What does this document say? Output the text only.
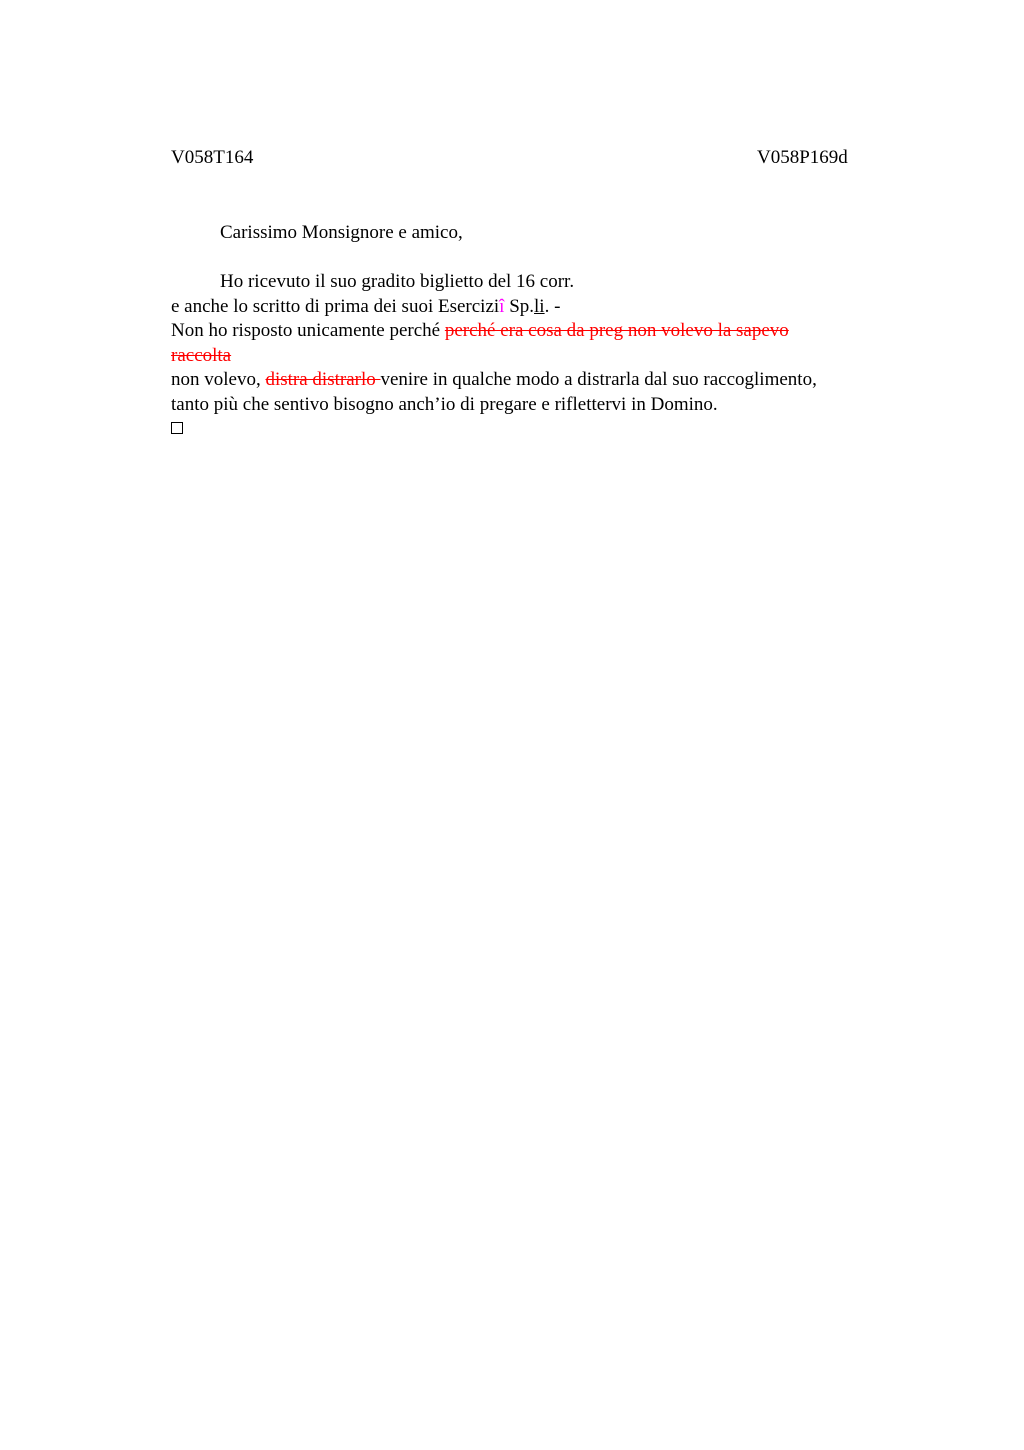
V058T164	V058P169d
Carissimo Monsignore e amico,
Ho ricevuto il suo gradito biglietto del 16 corr.
e anche lo scritto di prima dei suoi Eserciziî Sp.li. -
Non ho risposto unicamente perché perché era cosa da preg non volevo la sapevo
raccolta
non volevo, distra distrarlo venire in qualche modo a distrarla dal suo raccoglimento,
tanto più che sentivo bisogno anch’io di pregare e riflettervi in Domino.
